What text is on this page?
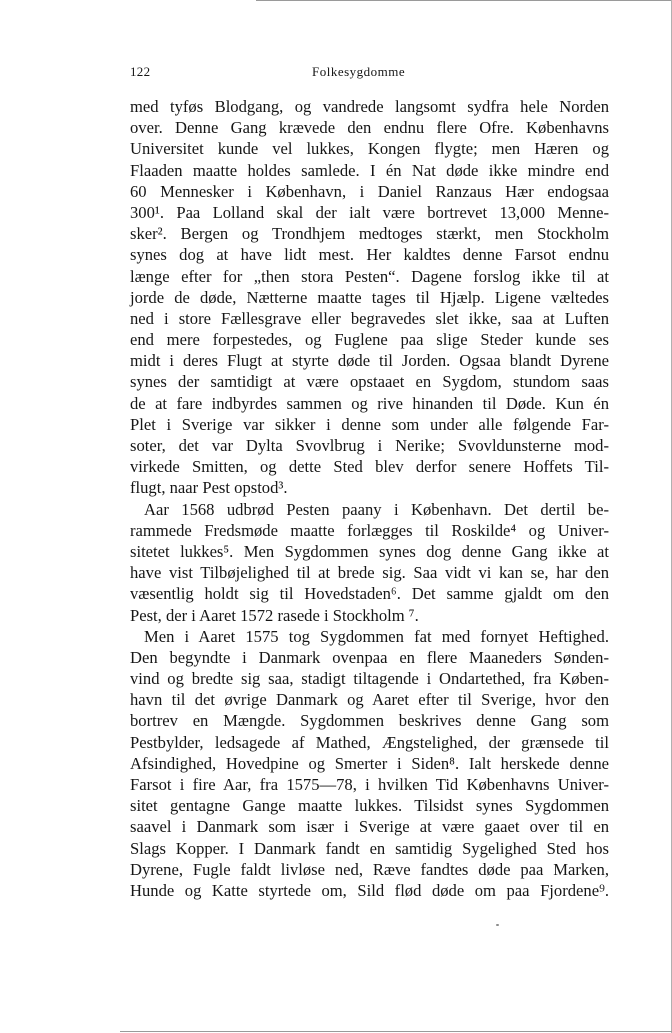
122	Folkesygdomme
med tyføs Blodgang, og vandrede langsomt sydfra hele Norden
over. Denne Gang krævede den endnu flere Ofre. Københavns
Universitet kunde vel lukkes, Kongen flygte; men Hæren og
Flaaden maatte holdes samlede. I én Nat døde ikke mindre end
60 Mennesker i København, i Daniel Ranzaus Hær endogsaa
300¹. Paa Lolland skal der ialt være bortrevet 13,000 Menne-
sker². Bergen og Trondhjem medtoges stærkt, men Stockholm
synes dog at have lidt mest. Her kaldtes denne Farsot endnu
længe efter for „then stora Pesten“. Dagene forslog ikke til at
jorde de døde, Nætterne maatte tages til Hjælp. Ligene væltedes
ned i store Fællesgrave eller begravedes slet ikke, saa at Luften
end mere forpestedes, og Fuglene paa slige Steder kunde ses
midt i deres Flugt at styrte døde til Jorden. Ogsaa blandt Dyrene
synes der samtidigt at være opstaaet en Sygdom, stundom saas
de at fare indbyrdes sammen og rive hinanden til Døde. Kun én
Plet i Sverige var sikker i denne som under alle følgende Far-
soter, det var Dylta Svovlbrug i Nerike; Svovldunsterne mod-
virkede Smitten, og dette Sted blev derfor senere Hoffets Til-
flugt, naar Pest opstod³.
Aar 1568 udbrød Pesten paany i København. Det dertil be-
rammede Fredsmøde maatte forlægges til Roskilde⁴ og Univer-
sitetet lukkes⁵. Men Sygdommen synes dog denne Gang ikke at
have vist Tilbøjelighed til at brede sig. Saa vidt vi kan se, har den
væsentlig holdt sig til Hovedstaden⁶. Det samme gjaldt om den
Pest, der i Aaret 1572 rasede i Stockholm ⁷.
Men i Aaret 1575 tog Sygdommen fat med fornyet Heftighed.
Den begyndte i Danmark ovenpaa en flere Maaneders Sønden-
vind og bredte sig saa, stadigt tiltagende i Ondartethed, fra Køben-
havn til det øvrige Danmark og Aaret efter til Sverige, hvor den
bortrev en Mængde. Sygdommen beskrives denne Gang som
Pestbylder, ledsagede af Mathed, Ængstelighed, der grænsede til
Afsindighed, Hovedpine og Smerter i Siden⁸. Ialt herskede denne
Farsot i fire Aar, fra 1575—78, i hvilken Tid Københavns Univer-
sitet gentagne Gange maatte lukkes. Tilsidst synes Sygdommen
saavel i Danmark som især i Sverige at være gaaet over til en
Slags Kopper. I Danmark fandt en samtidig Sygelighed Sted hos
Dyrene, Fugle faldt livløse ned, Ræve fandtes døde paa Marken,
Hunde og Katte styrtede om, Sild flød døde om paa Fjordene⁹.
